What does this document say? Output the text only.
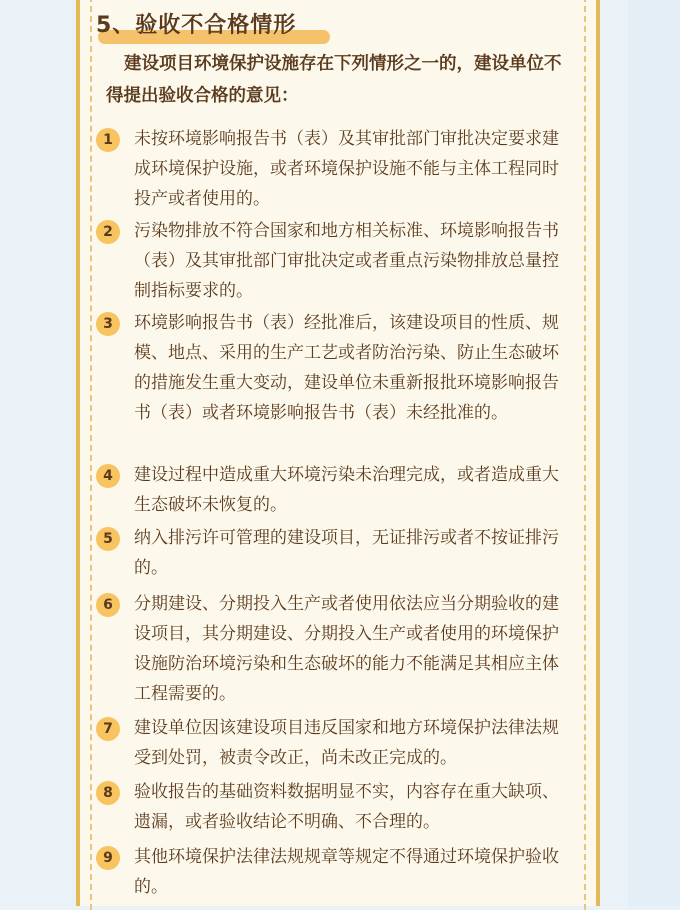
5、验收不合格情形

建设项目环境保护设施存在下列情形之一的，建设单位不得提出验收合格的意见：

1	未按环境影响报告书（表）及其审批部门审批决定要求建成环境保护设施，或者环境保护设施不能与主体工程同时投产或者使用的。

2	污染物排放不符合国家和地方相关标准、环境影响报告书（表）及其审批部门审批决定或者重点污染物排放总量控制指标要求的。

3	环境影响报告书（表）经批准后，该建设项目的性质、规模、地点、采用的生产工艺或者防治污染、防止生态破坏的措施发生重大变动，建设单位未重新报批环境影响报告书（表）或者环境影响报告书（表）未经批准的。

4	建设过程中造成重大环境污染未治理完成，或者造成重大生态破坏未恢复的。

5	纳入排污许可管理的建设项目，无证排污或者不按证排污的。

6	分期建设、分期投入生产或者使用依法应当分期验收的建设项目，其分期建设、分期投入生产或者使用的环境保护设施防治环境污染和生态破坏的能力不能满足其相应主体工程需要的。

7	建设单位因该建设项目违反国家和地方环境保护法律法规受到处罚，被责令改正，尚未改正完成的。

8	验收报告的基础资料数据明显不实，内容存在重大缺项、遗漏，或者验收结论不明确、不合理的。

9	其他环境保护法律法规规章等规定不得通过环境保护验收的。
